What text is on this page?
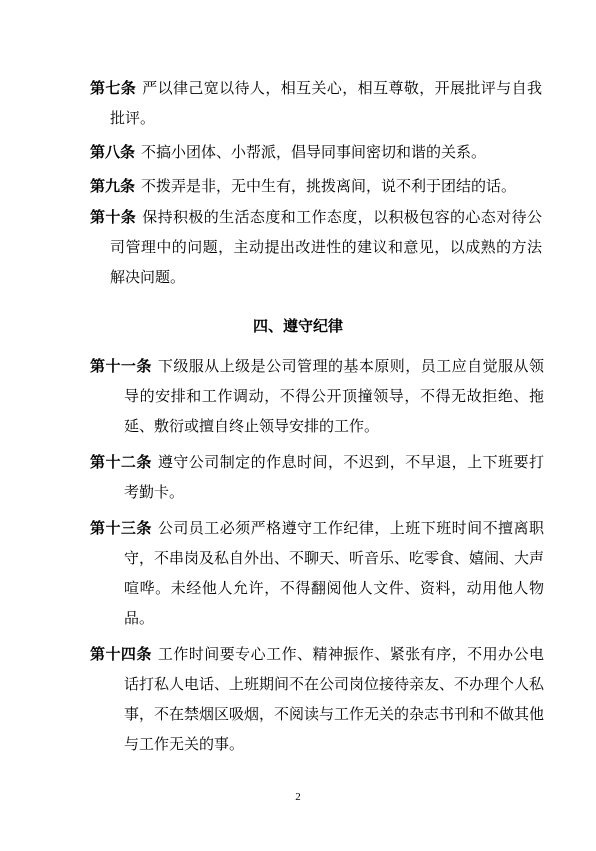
第七条 严以律己宽以待人，相互关心，相互尊敬，开展批评与自我批评。
第八条 不搞小团体、小帮派，倡导同事间密切和谐的关系。
第九条 不拨弄是非，无中生有，挑拨离间，说不利于团结的话。
第十条 保持积极的生活态度和工作态度，以积极包容的心态对待公司管理中的问题，主动提出改进性的建议和意见，以成熟的方法解决问题。
四、遵守纪律
第十一条 下级服从上级是公司管理的基本原则，员工应自觉服从领导的安排和工作调动，不得公开顶撞领导，不得无故拒绝、拖延、敷衍或擅自终止领导安排的工作。
第十二条 遵守公司制定的作息时间，不迟到，不早退，上下班要打考勤卡。
第十三条 公司员工必须严格遵守工作纪律，上班下班时间不擅离职守，不串岗及私自外出、不聊天、听音乐、吃零食、嬉闹、大声喧哗。未经他人允许，不得翻阅他人文件、资料，动用他人物品。
第十四条 工作时间要专心工作、精神振作、紧张有序，不用办公电话打私人电话、上班期间不在公司岗位接待亲友、不办理个人私事，不在禁烟区吸烟，不阅读与工作无关的杂志书刊和不做其他与工作无关的事。
2
